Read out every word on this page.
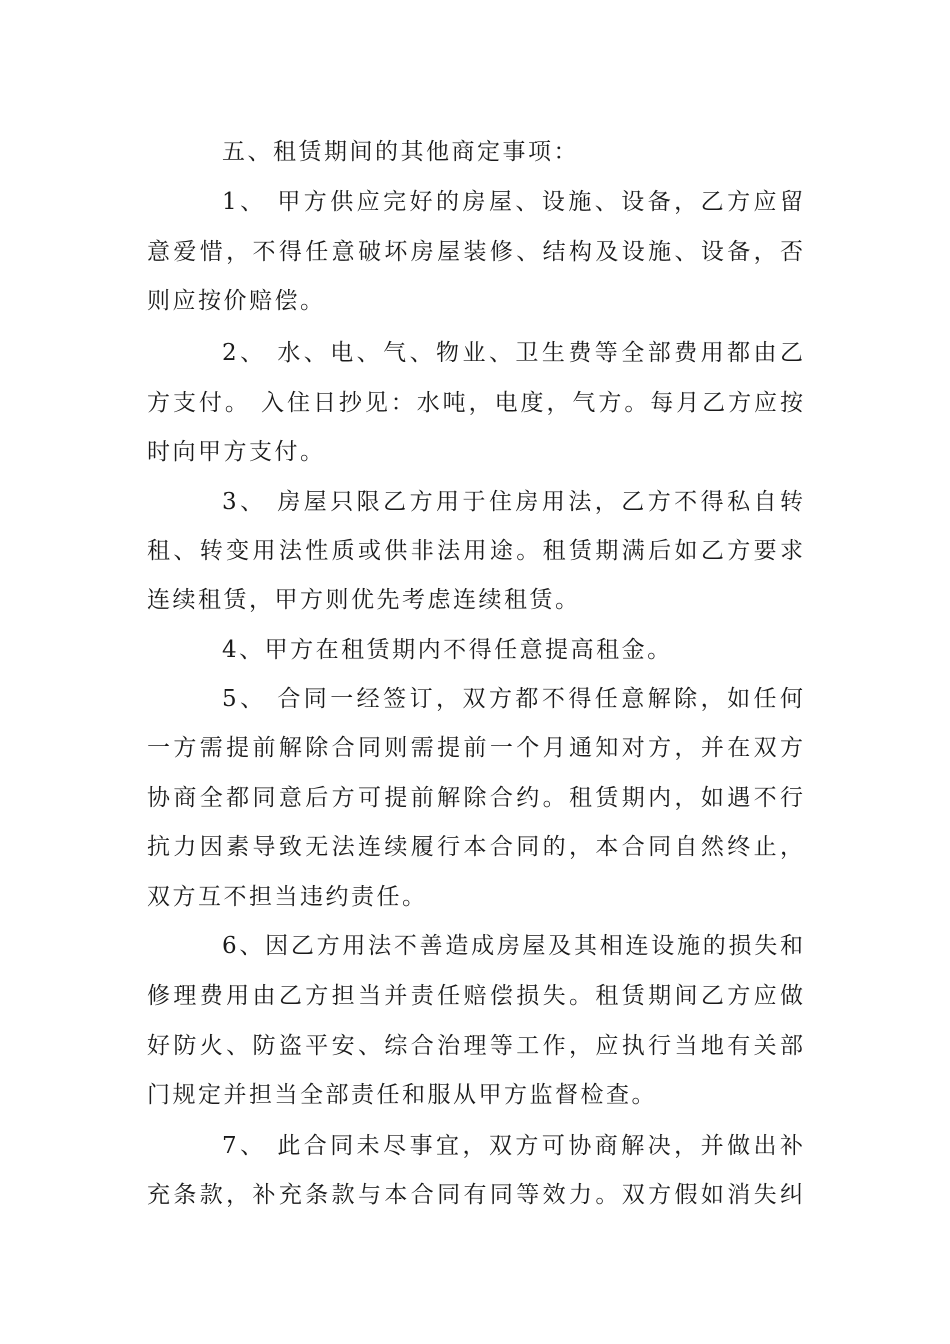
五、租赁期间的其他商定事项：
1、 甲方供应完好的房屋、设施、设备，乙方应留
意爱惜，不得任意破坏房屋装修、结构及设施、设备，否
则应按价赔偿。
2、 水、电、气、物业、卫生费等全部费用都由乙
方支付。 入住日抄见：水吨，电度，气方。每月乙方应按
时向甲方支付。
3、 房屋只限乙方用于住房用法，乙方不得私自转
租、转变用法性质或供非法用途。租赁期满后如乙方要求
连续租赁，甲方则优先考虑连续租赁。
4、甲方在租赁期内不得任意提高租金。
5、 合同一经签订，双方都不得任意解除，如任何
一方需提前解除合同则需提前一个月通知对方，并在双方
协商全都同意后方可提前解除合约。租赁期内，如遇不行
抗力因素导致无法连续履行本合同的，本合同自然终止，
双方互不担当违约责任。
6、因乙方用法不善造成房屋及其相连设施的损失和
修理费用由乙方担当并责任赔偿损失。租赁期间乙方应做
好防火、防盗平安、综合治理等工作，应执行当地有关部
门规定并担当全部责任和服从甲方监督检查。
7、 此合同未尽事宜，双方可协商解决，并做出补
充条款，补充条款与本合同有同等效力。双方假如消失纠
